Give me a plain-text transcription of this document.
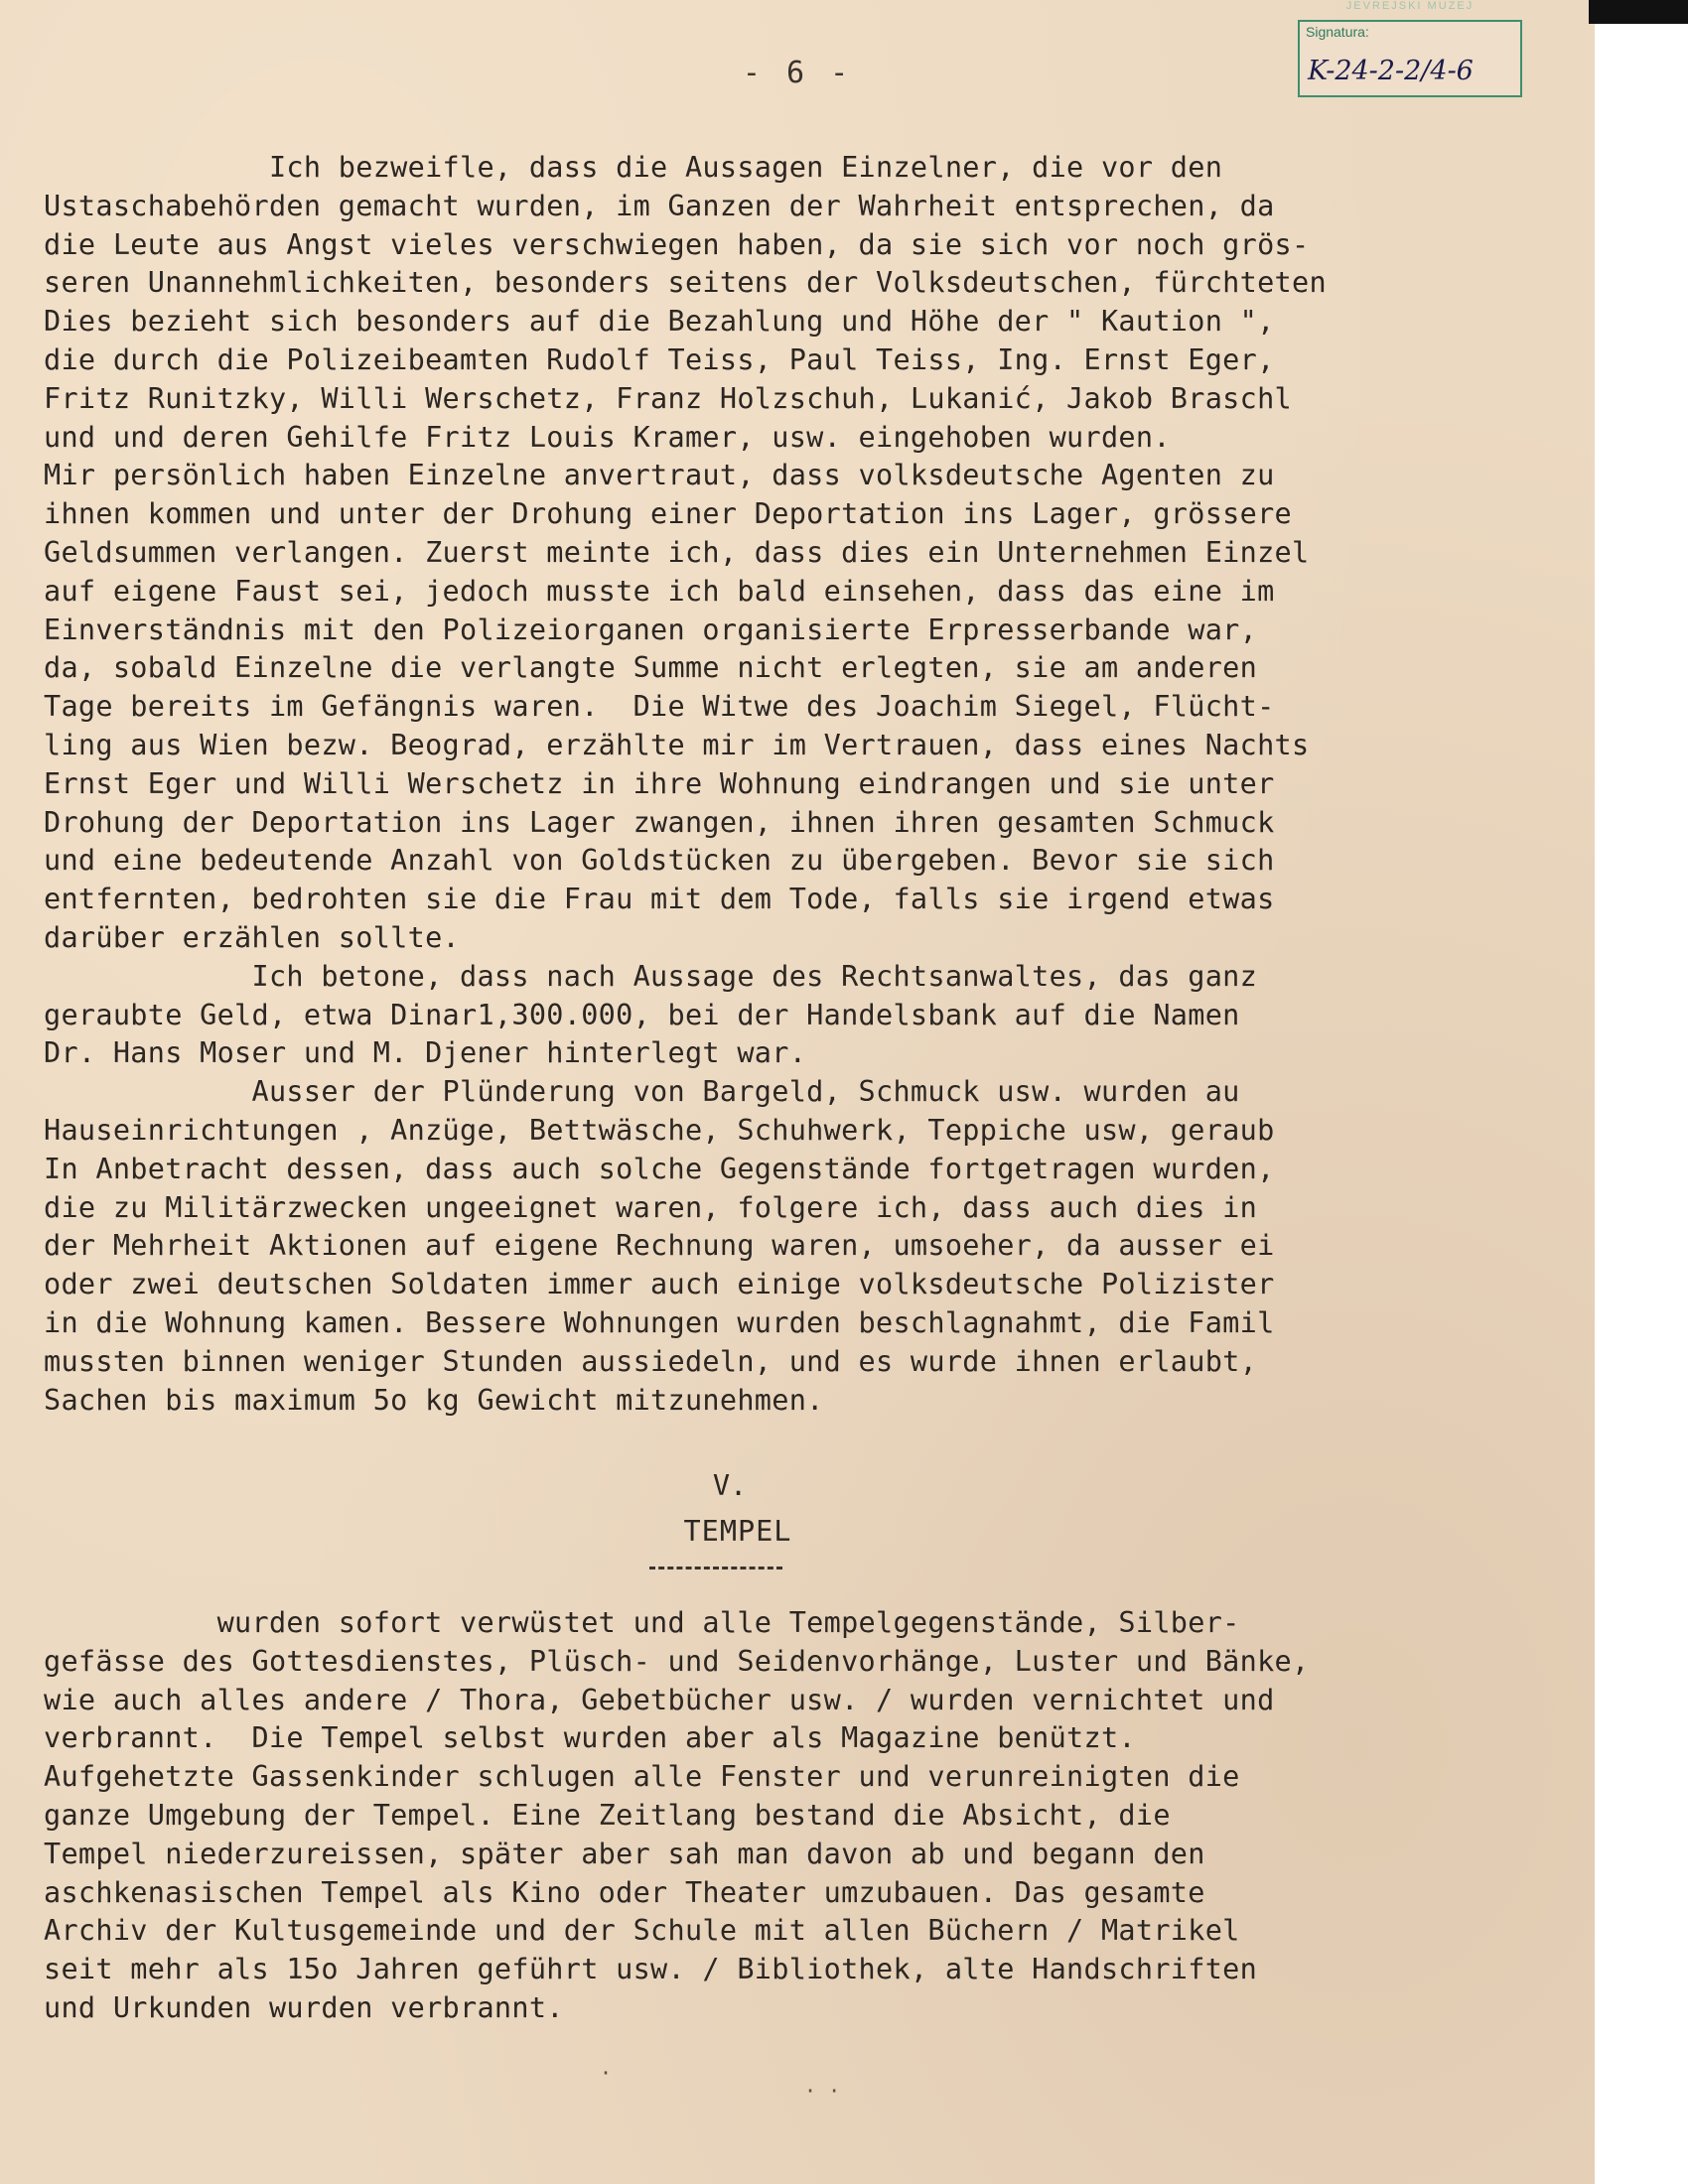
- 6 -
JEVREJSKI MUZEJ
Signatura:
K-24-2-2/4-6
Ich bezweifle, dass die Aussagen Einzelner, die vor den
Ustaschabehörden gemacht wurden, im Ganzen der Wahrheit entsprechen, da
die Leute aus Angst vieles verschwiegen haben, da sie sich vor noch grös-
seren Unannehmlichkeiten, besonders seitens der Volksdeutschen, fürchteten
Dies bezieht sich besonders auf die Bezahlung und Höhe der " Kaution ",
die durch die Polizeibeamten Rudolf Teiss, Paul Teiss, Ing. Ernst Eger,
Fritz Runitzky, Willi Werschetz, Franz Holzschuh, Lukanić, Jakob Braschl
und und deren Gehilfe Fritz Louis Kramer, usw. eingehoben wurden.
Mir persönlich haben Einzelne anvertraut, dass volksdeutsche Agenten zu
ihnen kommen und unter der Drohung einer Deportation ins Lager, grössere
Geldsummen verlangen. Zuerst meinte ich, dass dies ein Unternehmen Einzel
auf eigene Faust sei, jedoch musste ich bald einsehen, dass das eine im
Einverständnis mit den Polizeiorganen organisierte Erpresserbande war,
da, sobald Einzelne die verlangte Summe nicht erlegten, sie am anderen
Tage bereits im Gefängnis waren.  Die Witwe des Joachim Siegel, Flücht-
ling aus Wien bezw. Beograd, erzählte mir im Vertrauen, dass eines Nachts
Ernst Eger und Willi Werschetz in ihre Wohnung eindrangen und sie unter
Drohung der Deportation ins Lager zwangen, ihnen ihren gesamten Schmuck
und eine bedeutende Anzahl von Goldstücken zu übergeben. Bevor sie sich
entfernten, bedrohten sie die Frau mit dem Tode, falls sie irgend etwas
darüber erzählen sollte.
Ich betone, dass nach Aussage des Rechtsanwaltes, das ganz
geraubte Geld, etwa Dinar1,300.000, bei der Handelsbank auf die Namen
Dr. Hans Moser und M. Djener hinterlegt war.
Ausser der Plünderung von Bargeld, Schmuck usw. wurden au
Hauseinrichtungen , Anzüge, Bettwäsche, Schuhwerk, Teppiche usw, geraub
In Anbetracht dessen, dass auch solche Gegenstände fortgetragen wurden,
die zu Militärzwecken ungeeignet waren, folgere ich, dass auch dies in
der Mehrheit Aktionen auf eigene Rechnung waren, umsoeher, da ausser ei
oder zwei deutschen Soldaten immer auch einige volksdeutsche Polizister
in die Wohnung kamen. Bessere Wohnungen wurden beschlagnahmt, die Famil
mussten binnen weniger Stunden aussiedeln, und es wurde ihnen erlaubt,
Sachen bis maximum 5o kg Gewicht mitzunehmen.
V.
TEMPEL
wurden sofort verwüstet und alle Tempelgegenstände, Silber-
gefässe des Gottesdienstes, Plüsch- und Seidenvorhänge, Luster und Bänke,
wie auch alles andere / Thora, Gebetbücher usw. / wurden vernichtet und
verbrannt.  Die Tempel selbst wurden aber als Magazine benützt.
Aufgehetzte Gassenkinder schlugen alle Fenster und verunreinigten die
ganze Umgebung der Tempel. Eine Zeitlang bestand die Absicht, die
Tempel niederzureissen, später aber sah man davon ab und begann den
aschkenasischen Tempel als Kino oder Theater umzubauen. Das gesamte
Archiv der Kultusgemeinde und der Schule mit allen Büchern / Matrikel
seit mehr als 15o Jahren geführt usw. / Bibliothek, alte Handschriften
und Urkunden wurden verbrannt.
·
· ·
